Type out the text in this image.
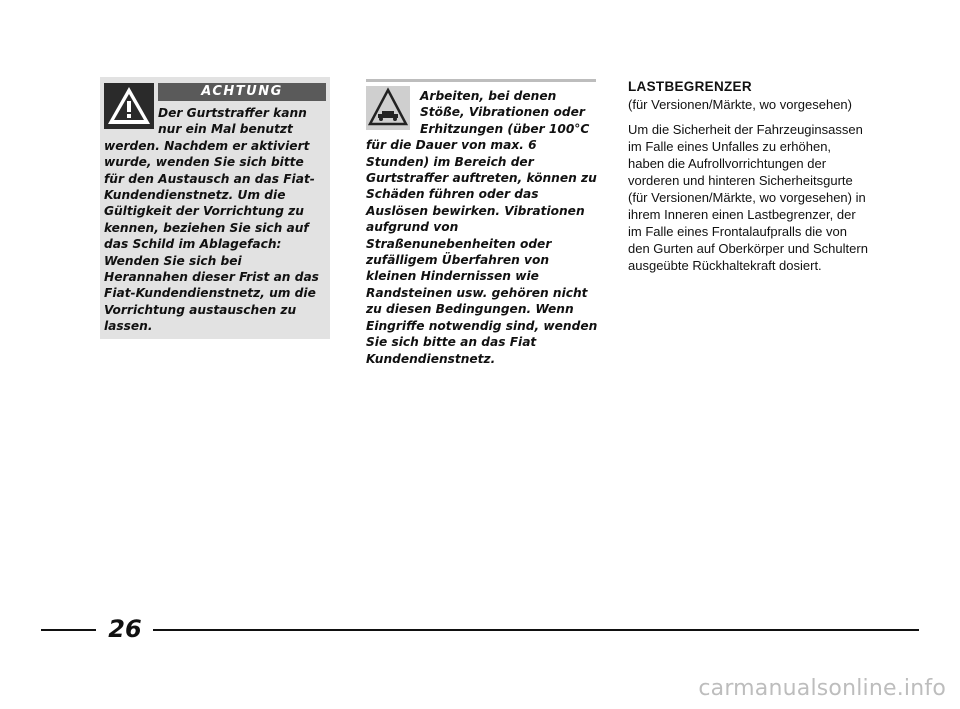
ACHTUNG

Der Gurtstraffer kann nur ein Mal benutzt werden. Nachdem er aktiviert wurde, wenden Sie sich bitte für den Austausch an das Fiat-Kundendienstnetz. Um die Gültigkeit der Vorrichtung zu kennen, beziehen Sie sich auf das Schild im Ablagefach: Wenden Sie sich bei Herannahen dieser Frist an das Fiat-Kundendienstnetz, um die Vorrichtung austauschen zu lassen.

Arbeiten, bei denen Stöße, Vibrationen oder Erhitzungen (über 100°C für die Dauer von max. 6 Stunden) im Bereich der Gurtstraffer auftreten, können zu Schäden führen oder das Auslösen bewirken. Vibrationen aufgrund von Straßenunebenheiten oder zufälligem Überfahren von kleinen Hindernissen wie Randsteinen usw. gehören nicht zu diesen Bedingungen. Wenn Eingriffe notwendig sind, wenden Sie sich bitte an das Fiat Kundendienstnetz.

LASTBEGRENZER

(für Versionen/Märkte, wo vorgesehen)

Um die Sicherheit der Fahrzeuginsassen im Falle eines Unfalles zu erhöhen, haben die Aufrollvorrichtungen der vorderen und hinteren Sicherheitsgurte (für Versionen/Märkte, wo vorgesehen) in ihrem Inneren einen Lastbegrenzer, der im Falle eines Frontalaufpralls die von den Gurten auf Oberkörper und Schultern ausgeübte Rückhaltekraft dosiert.

26
carmanualsonline.info
